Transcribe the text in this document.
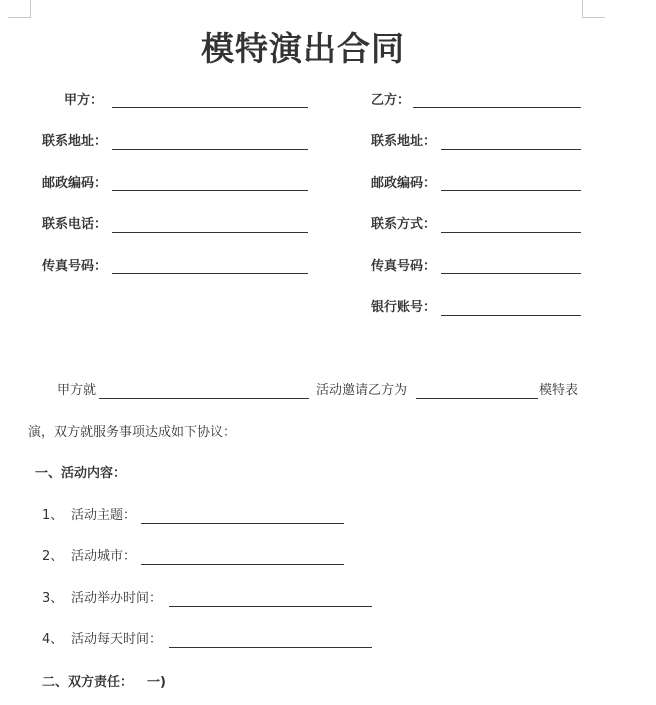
模特演出合同
甲方：
联系地址：
邮政编码：
联系电话：
传真号码：
乙方：
联系地址：
邮政编码：
联系方式：
传真号码：
银行账号：
甲方就	活动邀请乙方为	模特表
演，双方就服务事项达成如下协议：
一、活动内容：
1、 活动主题：
2、 活动城市：
3、 活动举办时间：
4、 活动每天时间：
二、双方责任： 一)
